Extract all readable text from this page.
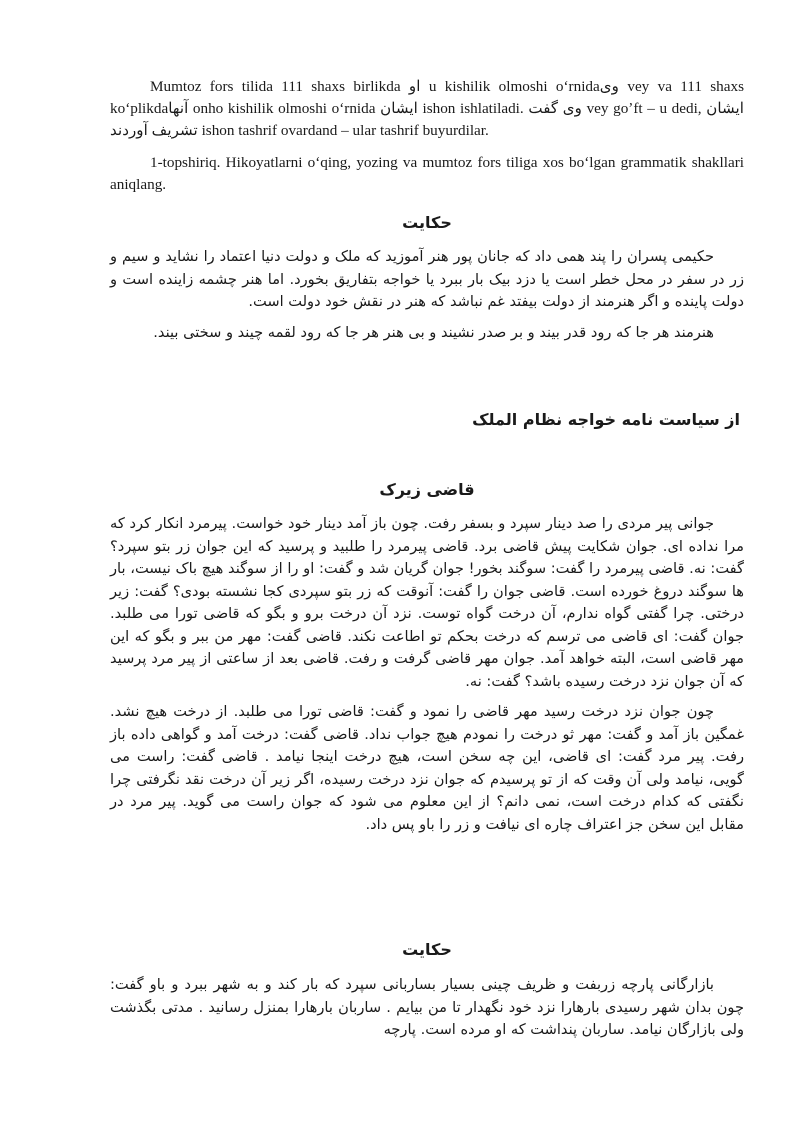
Mumtoz fors tilida 111 shaxs birlikda او u kishilik olmoshi oʻrnidaوی vey va 111 shaxs koʻplikdaآنها onho kishilik olmoshi oʻrnida ایشان ishon ishlatiladi. وی گفت vey goʼft – u dedi, ایشان تشریف آوردند ishon tashrif ovardand – ular tashrif buyurdilar.

1-topshiriq. Hikoyatlarni oʻqing, yozing va mumtoz fors tiliga xos boʻlgan grammatik shakllari aniqlang.

حکایت

حکیمی پسران را پند همی داد که جانان پور هنر آموزید که ملک و دولت دنیا اعتماد را نشاید و سیم و زر در سفر در محل خطر است یا دزد بیک بار ببرد یا خواجه بتفاریق بخورد. اما هنر چشمه زاینده است و دولت پاینده و اگر هنرمند از دولت بیفتد غم نباشد که هنر در نقش خود دولت است.

هنرمند هر جا که رود قدر بیند و بر صدر نشیند و بی هنر هر جا که رود لقمه چیند و سختی بیند.

از سیاست نامه خواجه نظام الملک
قاضی زیرک

جوانی پیر مردی را صد دینار سپرد و بسفر رفت. چون باز آمد دینار خود خواست. پیرمرد انکار کرد که مرا نداده ای. جوان شکایت پیش قاضی برد. قاضی پیرمرد را طلبید و پرسید که این جوان زر بتو سپرد؟ گفت: نه. قاضی پیرمرد را گفت: سوگند بخور! جوان گریان شد و گفت: او را از سوگند هیچ باک نیست، بار ها سوگند دروغ خورده است. قاضی جوان را گفت: آنوقت که زر بتو سپردی کجا نشسته بودی؟ گفت: زیر درختی. چرا گفتی گواه ندارم، آن درخت گواه توست. نزد آن درخت برو و بگو که قاضی تورا می طلبد. جوان گفت: ای قاضی می ترسم که درخت بحکم تو اطاعت نکند. قاضی گفت: مهر من ببر و بگو که این مهر قاضی است، البته خواهد آمد. جوان مهر قاضی گرفت و رفت. قاضی بعد از ساعتی از پیر مرد پرسید که آن جوان نزد درخت رسیده باشد؟ گفت: نه.

چون جوان نزد درخت رسید مهر قاضی را نمود و گفت: قاضی تورا می طلبد. از درخت هیچ نشد. غمگین باز آمد و گفت: مهر ثو درخت را نمودم هیچ جواب نداد. قاضی گفت: درخت آمد و گواهی داده باز رفت. پیر مرد گفت: ای قاضی، این چه سخن است، هیچ درخت اینجا نیامد . قاضی گفت: راست می گویی، نیامد ولی آن وقت که از تو پرسیدم که جوان نزد درخت رسیده، اگر زیر آن درخت نقد نگرفتی چرا نگفتی که کدام درخت است، نمی دانم؟ از این معلوم می شود که جوان راست می گوید. پیر مرد در مقابل این سخن جز اعتراف چاره ای نیافت و زر را باو پس داد.

حکایت

بازارگانی پارچه زربفت و ظریف چینی بسیار بساربانی سپرد که بار کند و به شهر ببرد و باو گفت: چون بدان شهر رسیدی بارهارا نزد خود نگهدار تا من بیایم . ساربان بارهارا بمنزل رسانید . مدتی بگذشت ولی بازارگان نیامد. ساربان پنداشت که او مرده است. پارچه
